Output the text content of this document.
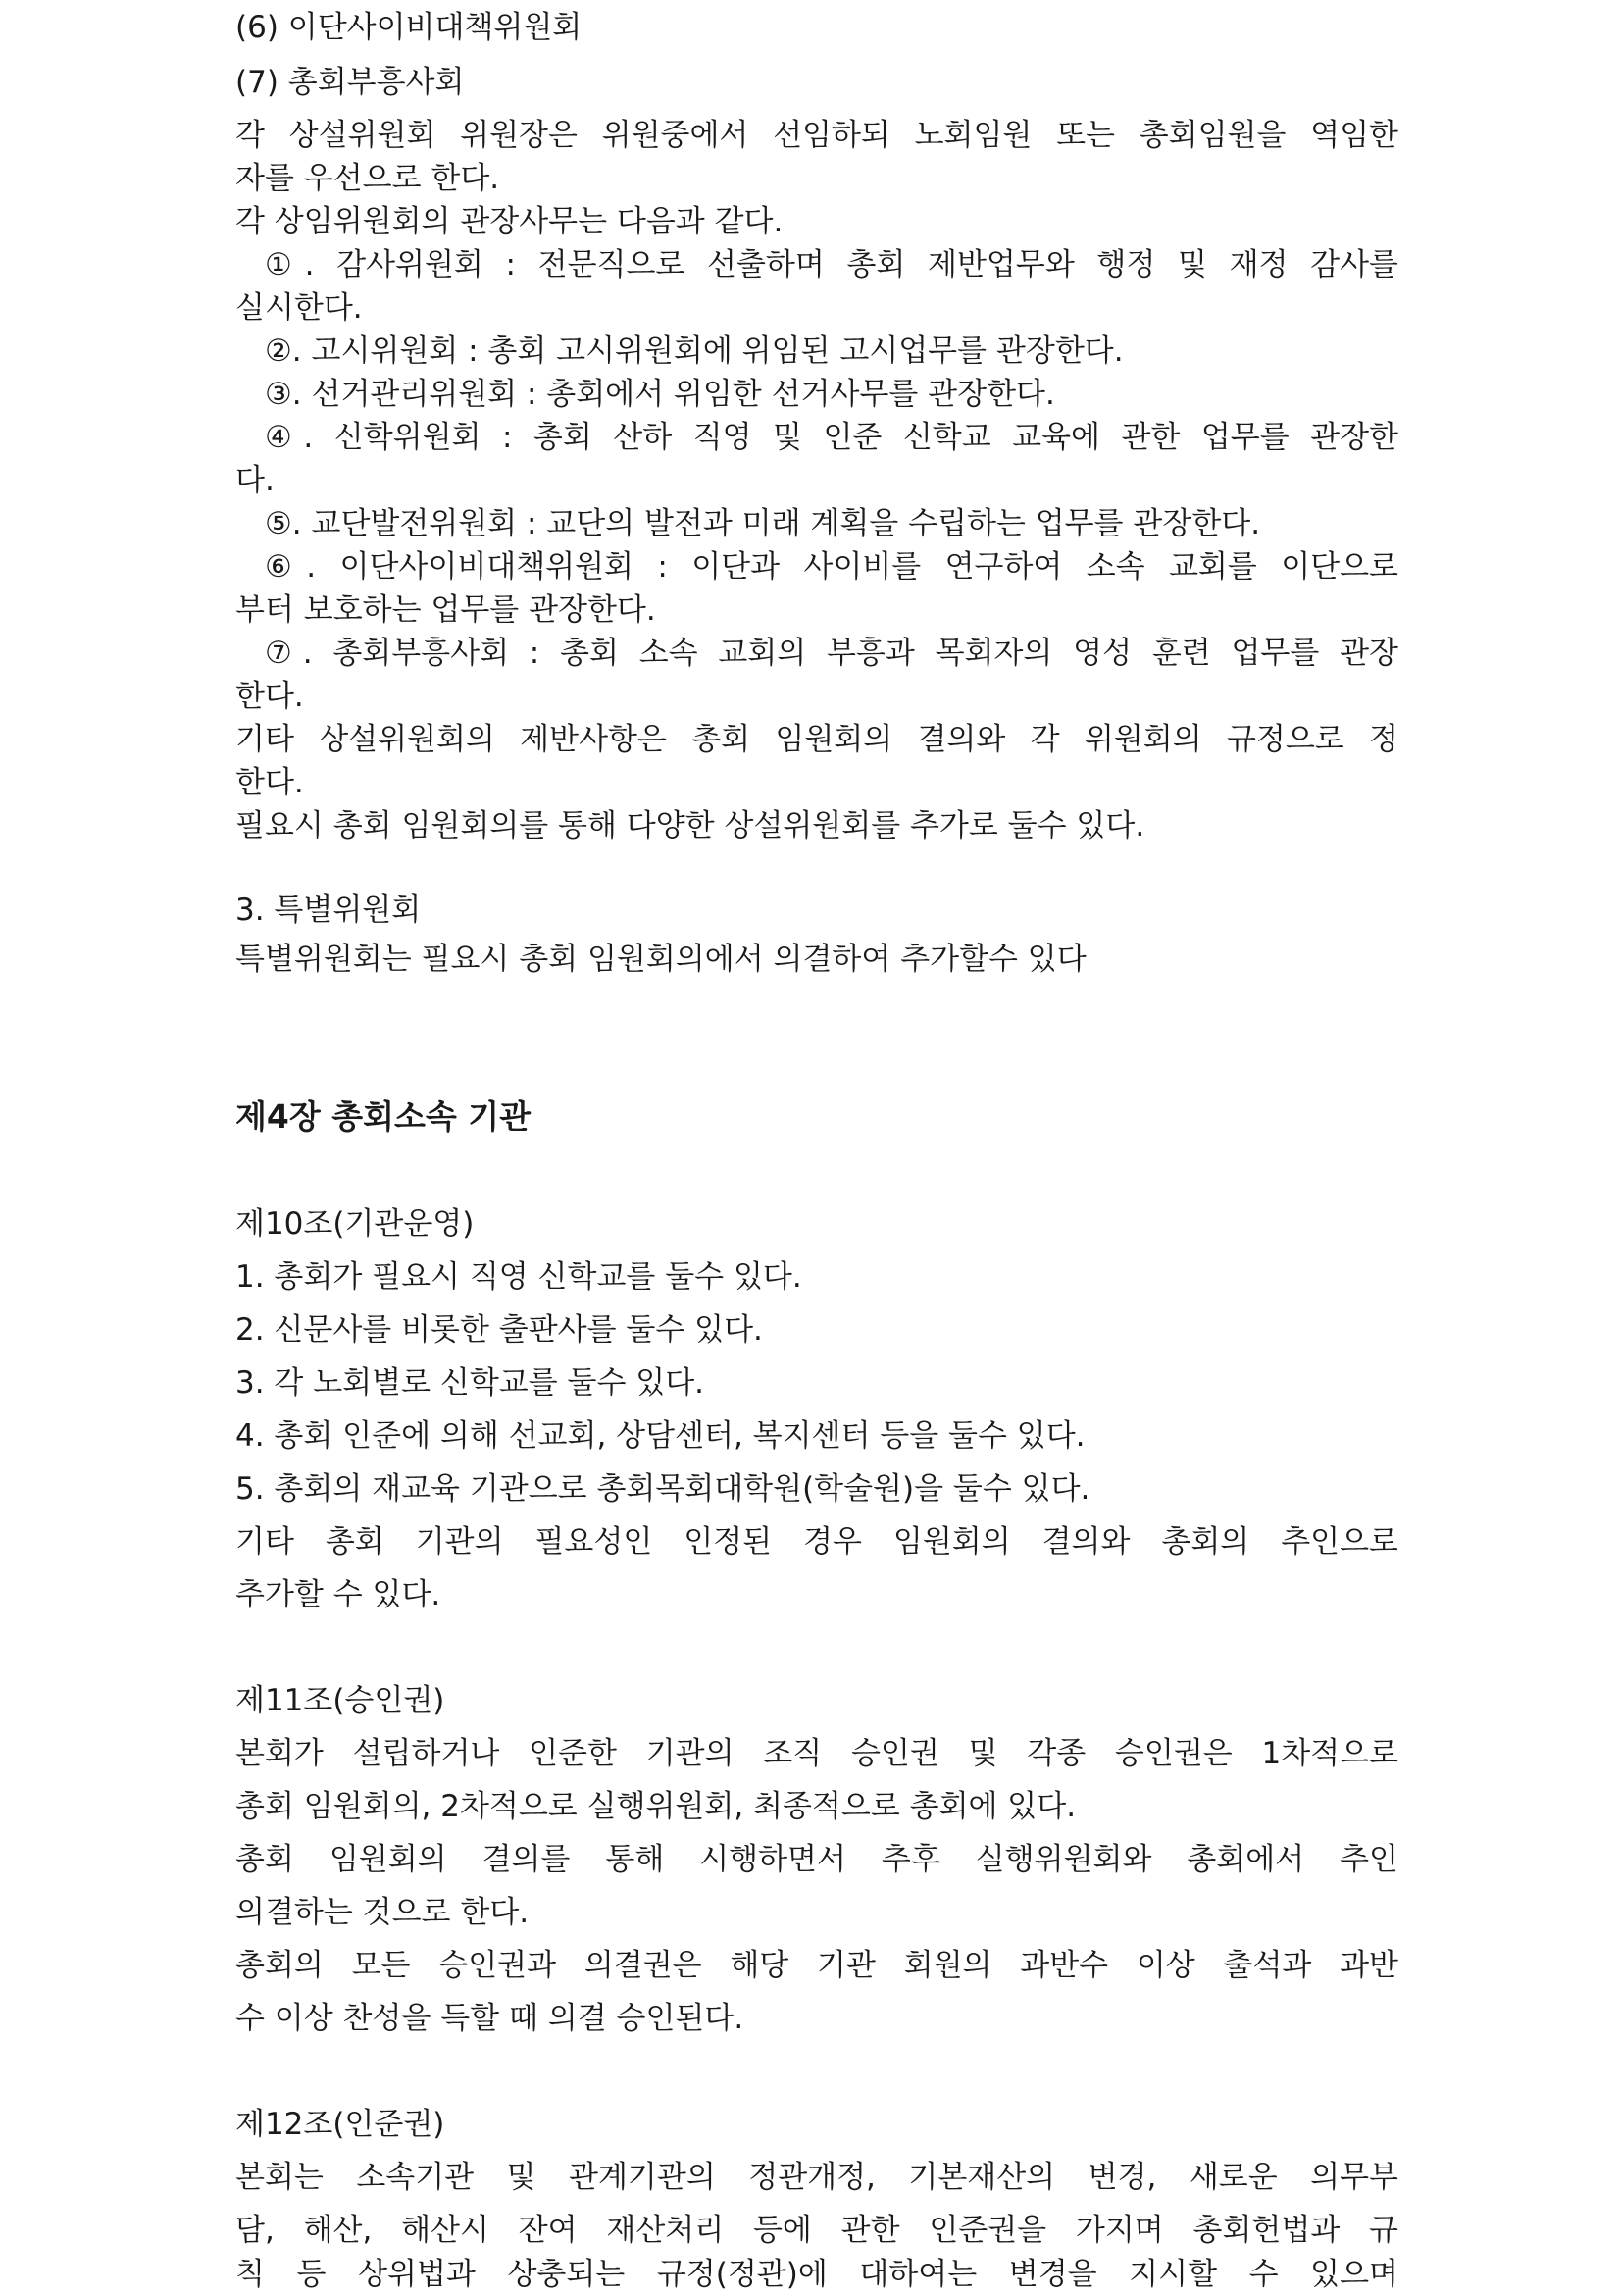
(6) 이단사이비대책위원회
(7) 총회부흥사회
각 상설위원회 위원장은 위원중에서 선임하되 노회임원 또는 총회임원을 역임한
자를 우선으로 한다.
각 상임위원회의 관장사무는 다음과 같다.
①. 감사위원회 : 전문직으로 선출하며 총회 제반업무와 행정 및 재정 감사를
실시한다.
②. 고시위원회 : 총회 고시위원회에 위임된 고시업무를 관장한다.
③. 선거관리위원회 : 총회에서 위임한 선거사무를 관장한다.
④. 신학위원회 : 총회 산하 직영 및 인준 신학교 교육에 관한 업무를 관장한
다.
⑤. 교단발전위원회 : 교단의 발전과 미래 계획을 수립하는 업무를 관장한다.
⑥. 이단사이비대책위원회 : 이단과 사이비를 연구하여 소속 교회를 이단으로
부터 보호하는 업무를 관장한다.
⑦. 총회부흥사회 : 총회 소속 교회의 부흥과 목회자의 영성 훈련 업무를 관장
한다.
기타 상설위원회의 제반사항은 총회 임원회의 결의와 각 위원회의 규정으로 정
한다.
필요시 총회 임원회의를 통해 다양한 상설위원회를 추가로 둘수 있다.
3. 특별위원회
특별위원회는 필요시 총회 임원회의에서 의결하여 추가할수 있다
제4장 총회소속 기관
제10조(기관운영)
1. 총회가 필요시 직영 신학교를 둘수 있다.
2. 신문사를 비롯한 출판사를 둘수 있다.
3. 각 노회별로 신학교를 둘수 있다.
4. 총회 인준에 의해 선교회, 상담센터, 복지센터 등을 둘수 있다.
5. 총회의 재교육 기관으로 총회목회대학원(학술원)을 둘수 있다.
기타 총회 기관의 필요성인 인정된 경우 임원회의 결의와 총회의 추인으로
추가할 수 있다.
제11조(승인권)
본회가 설립하거나 인준한 기관의 조직 승인권 및 각종 승인권은 1차적으로
총회 임원회의, 2차적으로 실행위원회, 최종적으로 총회에 있다.
총회 임원회의 결의를 통해 시행하면서 추후 실행위원회와 총회에서 추인
의결하는 것으로 한다.
총회의 모든 승인권과 의결권은 해당 기관 회원의 과반수 이상 출석과 과반
수 이상 찬성을 득할 때 의결 승인된다.
제12조(인준권)
본회는 소속기관 및 관계기관의 정관개정, 기본재산의 변경, 새로운 의무부
담, 해산, 해산시 잔여 재산처리 등에 관한 인준권을 가지며 총회헌법과 규
칙 등 상위법과 상충되는 규정(정관)에 대하여는 변경을 지시할 수 있으며
